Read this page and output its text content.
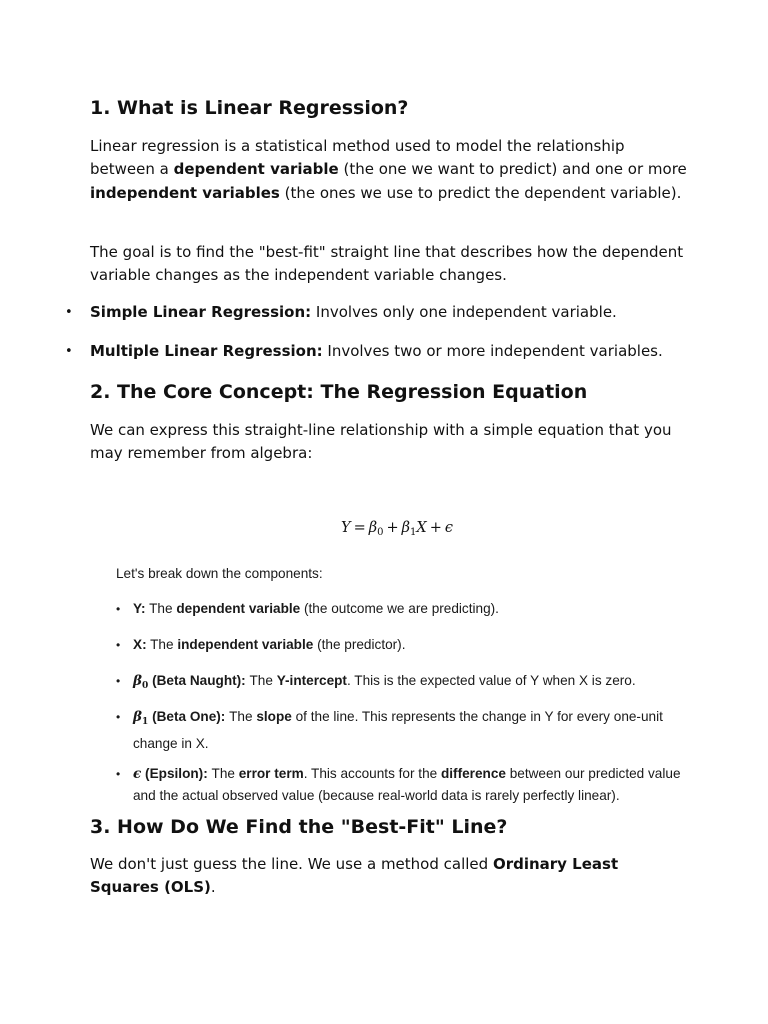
1. What is Linear Regression?

Linear regression is a statistical method used to model the relationship between a dependent variable (the one we want to predict) and one or more independent variables (the ones we use to predict the dependent variable).

The goal is to find the "best-fit" straight line that describes how the dependent variable changes as the independent variable changes.

• Simple Linear Regression: Involves only one independent variable.
• Multiple Linear Regression: Involves two or more independent variables.
2. The Core Concept: The Regression Equation

We can express this straight-line relationship with a simple equation that you may remember from algebra:

$Y = \beta_0 + \beta_1X + \epsilon$
Let's break down the components:
• Y: The dependent variable (the outcome we are predicting).
• X: The independent variable (the predictor).
• $\beta_0$ (Beta Naught): The Y-intercept. This is the expected value of Y when X is zero.
• $\beta_1$ (Beta One): The slope of the line. This represents the change in Y for every one-unit change in X.
• ϵ (Epsilon): The error term. This accounts for the difference between our predicted value and the actual observed value (because real-world data is rarely perfectly linear).
3. How Do We Find the "Best-Fit" Line?

We don't just guess the line. We use a method called Ordinary Least Squares (OLS).
